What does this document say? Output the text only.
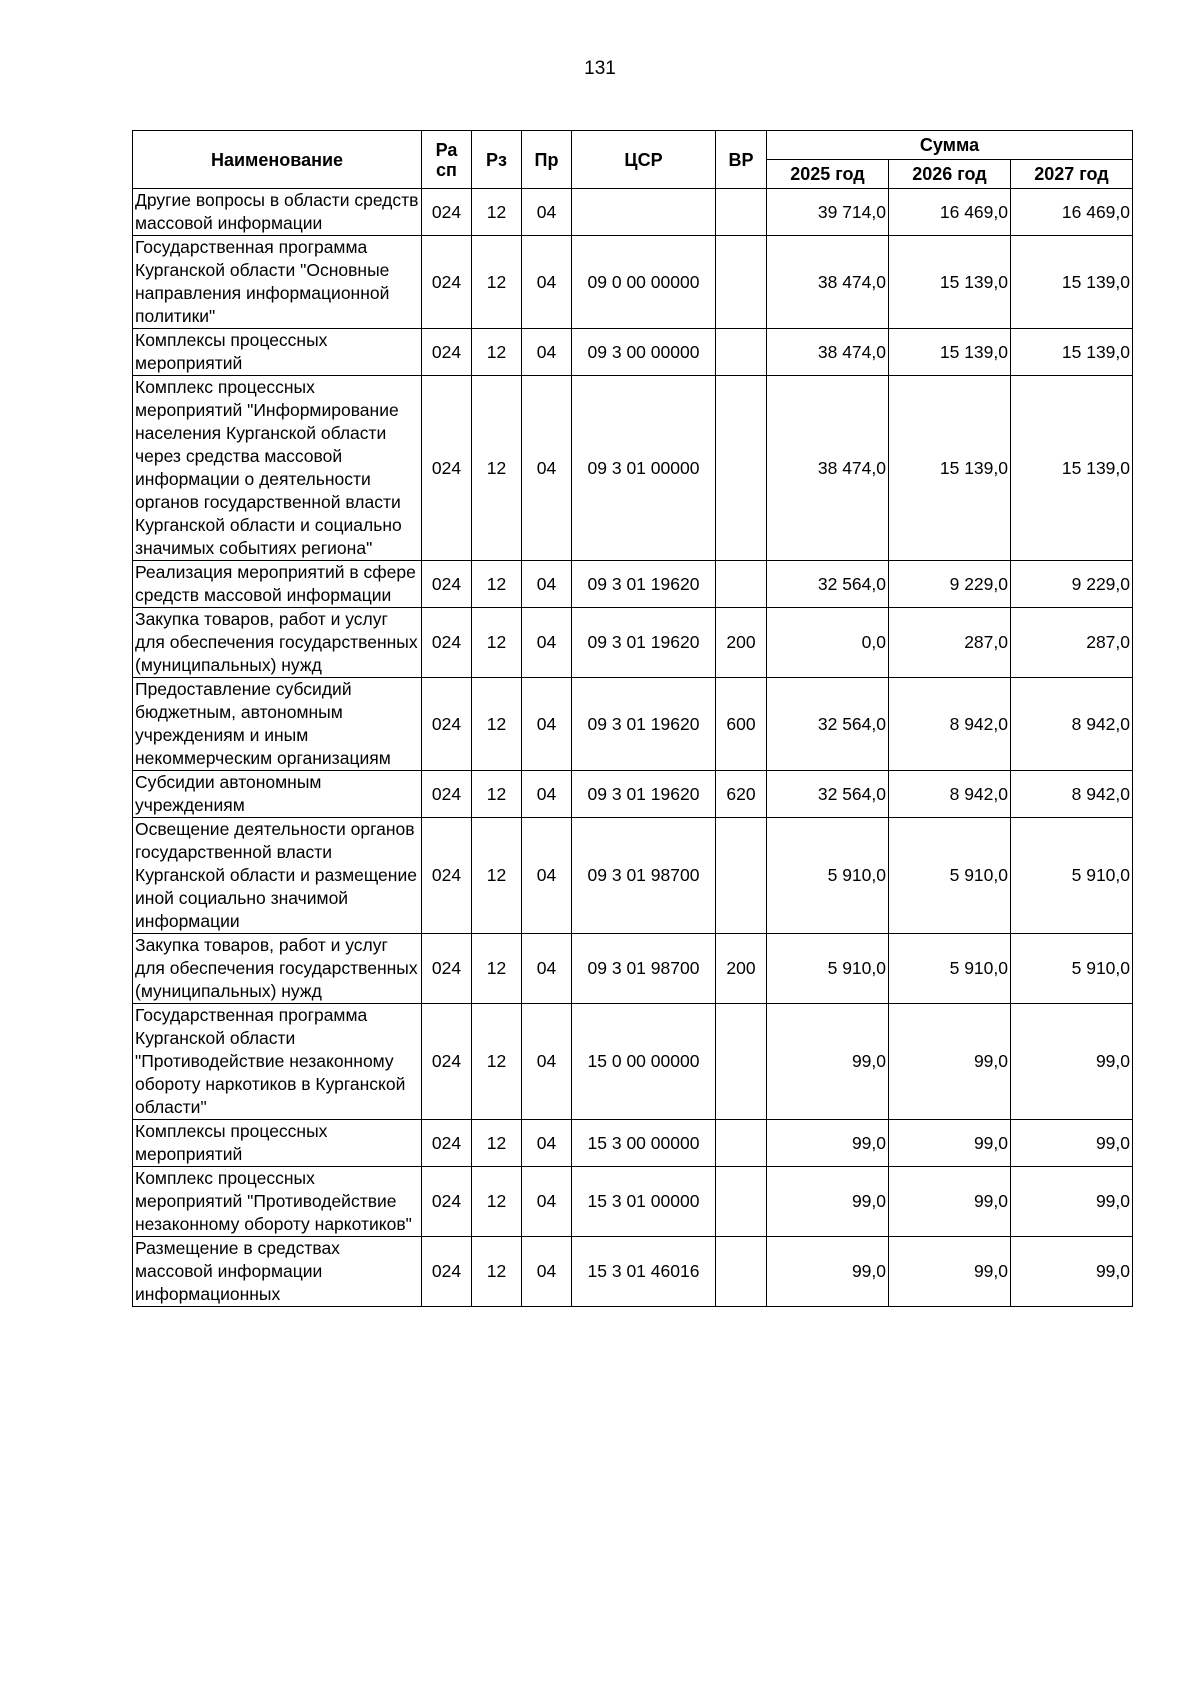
131
Наименование	Ра сп	Рз	Пр	ЦСР	ВР	Сумма		
						2025 год	2026 год	2027 год
Другие вопросы в области средств массовой информации	024	12	04			39 714,0	16 469,0	16 469,0
Государственная программа Курганской области "Основные направления информационной политики"	024	12	04	09 0 00 00000		38 474,0	15 139,0	15 139,0
Комплексы процессных мероприятий	024	12	04	09 3 00 00000		38 474,0	15 139,0	15 139,0
Комплекс процессных мероприятий "Информирование населения Курганской области через средства массовой информации о деятельности органов государственной власти Курганской области и социально значимых событиях региона"	024	12	04	09 3 01 00000		38 474,0	15 139,0	15 139,0
Реализация мероприятий в сфере средств массовой информации	024	12	04	09 3 01 19620		32 564,0	9 229,0	9 229,0
Закупка товаров, работ и услуг для обеспечения государственных (муниципальных) нужд	024	12	04	09 3 01 19620	200	0,0	287,0	287,0
Предоставление субсидий бюджетным, автономным учреждениям и иным некоммерческим организациям	024	12	04	09 3 01 19620	600	32 564,0	8 942,0	8 942,0
Субсидии автономным учреждениям	024	12	04	09 3 01 19620	620	32 564,0	8 942,0	8 942,0
Освещение деятельности органов государственной власти Курганской области и размещение иной социально значимой информации	024	12	04	09 3 01 98700		5 910,0	5 910,0	5 910,0
Закупка товаров, работ и услуг для обеспечения государственных (муниципальных) нужд	024	12	04	09 3 01 98700	200	5 910,0	5 910,0	5 910,0
Государственная программа Курганской области "Противодействие незаконному обороту наркотиков в Курганской области"	024	12	04	15 0 00 00000		99,0	99,0	99,0
Комплексы процессных мероприятий	024	12	04	15 3 00 00000		99,0	99,0	99,0
Комплекс процессных мероприятий "Противодействие незаконному обороту наркотиков"	024	12	04	15 3 01 00000		99,0	99,0	99,0
Размещение в средствах массовой информации информационных	024	12	04	15 3 01 46016		99,0	99,0	99,0
